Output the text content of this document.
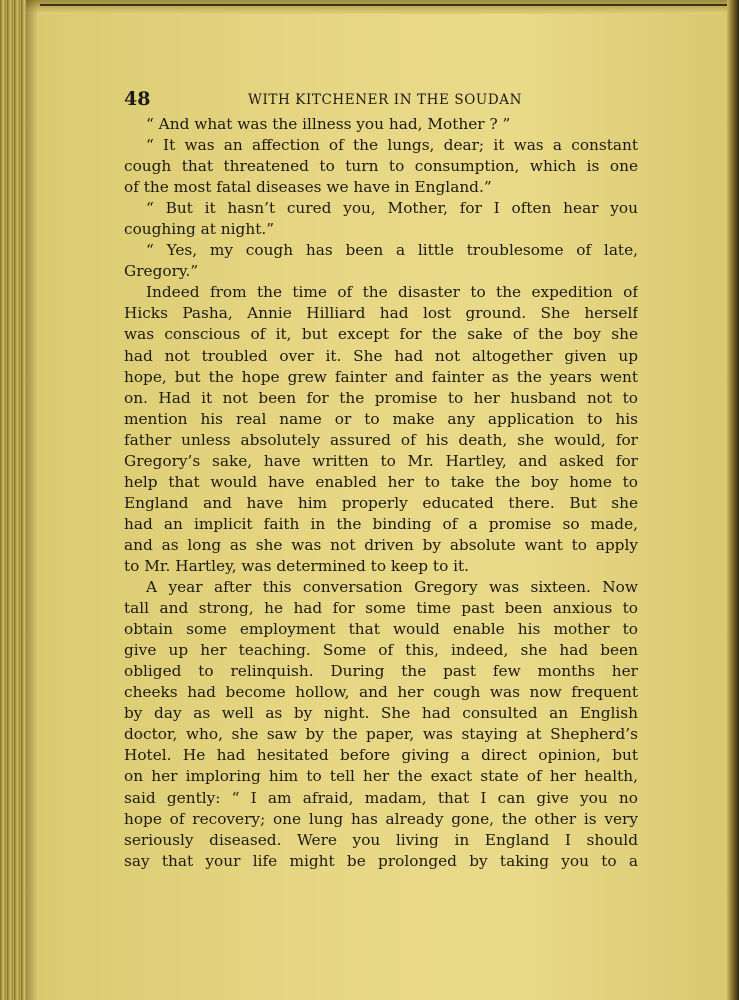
48	WITH KITCHENER IN THE SOUDAN
“ And what was the illness you had, Mother ? ”
“ It was an affection of the lungs, dear; it was a constant
cough that threatened to turn to consumption, which is one
of the most fatal diseases we have in England.”
“ But it hasn’t cured you, Mother, for I often hear you
coughing at night.”
“ Yes, my cough has been a little troublesome of late,
Gregory.”
Indeed from the time of the disaster to the expedition of
Hicks Pasha, Annie Hilliard had lost ground. She herself
was conscious of it, but except for the sake of the boy she
had not troubled over it. She had not altogether given up
hope, but the hope grew fainter and fainter as the years went
on. Had it not been for the promise to her husband not to
mention his real name or to make any application to his
father unless absolutely assured of his death, she would, for
Gregory’s sake, have written to Mr. Hartley, and asked for
help that would have enabled her to take the boy home to
England and have him properly educated there. But she
had an implicit faith in the binding of a promise so made,
and as long as she was not driven by absolute want to apply
to Mr. Hartley, was determined to keep to it.
A year after this conversation Gregory was sixteen. Now
tall and strong, he had for some time past been anxious to
obtain some employment that would enable his mother to
give up her teaching. Some of this, indeed, she had been
obliged to relinquish. During the past few months her
cheeks had become hollow, and her cough was now frequent
by day as well as by night. She had consulted an English
doctor, who, she saw by the paper, was staying at Shepherd’s
Hotel. He had hesitated before giving a direct opinion, but
on her imploring him to tell her the exact state of her health,
said gently: “ I am afraid, madam, that I can give you no
hope of recovery; one lung has already gone, the other is very
seriously diseased. Were you living in England I should
say that your life might be prolonged by taking you to a
